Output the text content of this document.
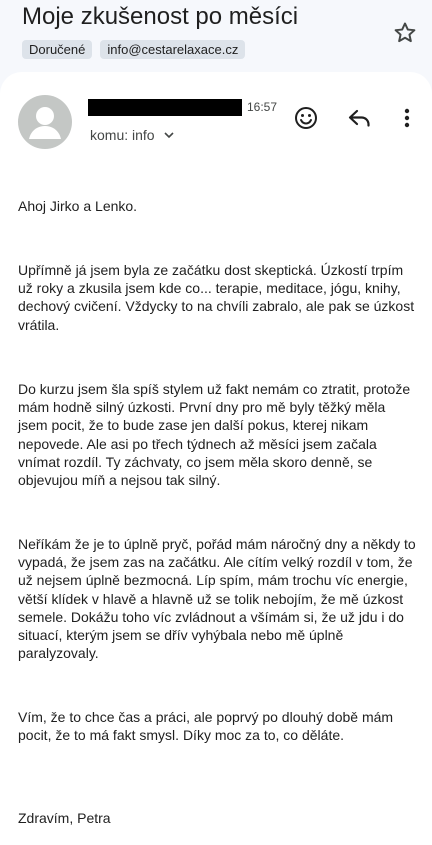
Moje zkušenost po měsíci
Doručené	info@cestarelaxace.cz
16:57
komu: info
Ahoj Jirko a Lenko.
Upřímně já jsem byla ze začátku dost skeptická. Úzkostí trpím už roky a zkusila jsem kde co... terapie, meditace, jógu, knihy, dechový cvičení. Vždycky to na chvíli zabralo, ale pak se úzkost vrátila.
Do kurzu jsem šla spíš stylem už fakt nemám co ztratit, protože mám hodně silný úzkosti. První dny pro mě byly těžký měla jsem pocit, že to bude zase jen další pokus, kterej nikam nepovede. Ale asi po třech týdnech až měsíci jsem začala vnímat rozdíl. Ty záchvaty, co jsem měla skoro denně, se objevujou míň a nejsou tak silný.
Neříkám že je to úplně pryč, pořád mám náročný dny a někdy to vypadá, že jsem zas na začátku. Ale cítím velký rozdíl v tom, že už nejsem úplně bezmocná. Líp spím, mám trochu víc energie, větší klídek v hlavě a hlavně už se tolik nebojím, že mě úzkost semele. Dokážu toho víc zvládnout a všímám si, že už jdu i do situací, kterým jsem se dřív vyhýbala nebo mě úplně paralyzovaly.
Vím, že to chce čas a práci, ale poprvý po dlouhý době mám pocit, že to má fakt smysl. Díky moc za to, co děláte.
Zdravím, Petra
